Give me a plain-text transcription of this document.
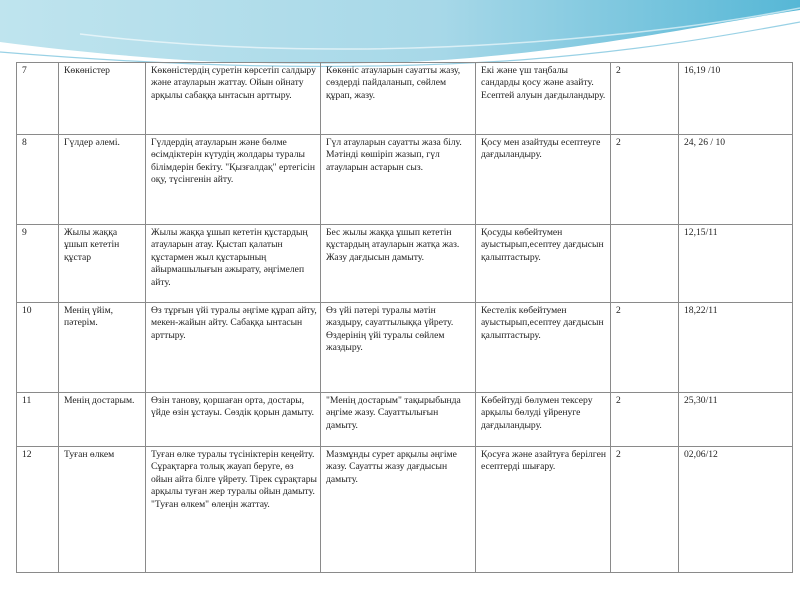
7	Көкөністер	Көкөністердің суретін көрсетіп салдыру және атауларын жаттау. Ойын ойнату арқылы сабаққа ынтасын арттыру.	Көкөніс атауларын сауатты жазу, сөздерді пайдаланып, сөйлем құрап, жазу.	Екі және үш таңбалы сандарды қосу және азайту. Есептей алуын дағдыландыру.	2	16,19 /10
8	Гүлдер әлемі.	Гүлдердің атауларын және бөлме өсімдіктерін күтудің жолдары туралы білімдерін бекіту. "Қызғалдақ" ертегісін оқу, түсінгенін айту.	Гүл атауларын сауатты жаза білу. Мәтінді көшіріп жазып, гүл атауларын астарын сыз.	Қосу мен азайтуды есептеуге дағдыландыру.	2	24, 26 / 10
9	Жылы жаққа ұшып кететін құстар	Жылы жаққа ұшып кететін құстардың атауларын атау. Қыстап қалатын құстармен жыл құстарының айырмашылығын ажырату, әңгімелеп айту.	Бес жылы жаққа ұшып кететін құстардың атауларын жатқа жаз. Жазу дағдысын дамыту.	Қосуды көбейтумен ауыстырып,есептеу дағдысын қалыптастыру.		12,15/11
10	Менің үйім, пәтерім.	Өз тұрғын үйі туралы әңгіме құрап айту, мекен-жайын айту. Сабаққа ынтасын арттыру.	Өз үйі пәтері туралы мәтін жаздыру, сауаттылыққа үйрету. Өздерінің үйі туралы сөйлем жаздыру.	Кестелік көбейтумен ауыстырып,есептеу дағдысын қалыптастыру.	2	18,22/11
11	Менің достарым.	Өзін танову, қоршаған орта, достары, үйде өзін ұстауы. Сөздік қорын дамыту.	"Менің достарым" тақырыбында әңгіме жазу. Сауаттылығын дамыту.	Көбейтуді бөлумен тексеру арқылы бөлуді үйренуге дағдыландыру.	2	25,30/11
12	Туған өлкем	Туған өлке туралы түсініктерін кеңейту. Сұрақтарға толық жауап беруге, өз ойын айта білге үйрету. Тірек сұрақтары арқылы туған жер туралы ойын дамыту. "Туған өлкем" өлеңін жаттау.	Мазмұнды сурет арқылы әңгіме жазу. Сауатты жазу дағдысын дамыту.	Қосуға және азайтуға берілген есептерді шығару.	2	02,06/12
